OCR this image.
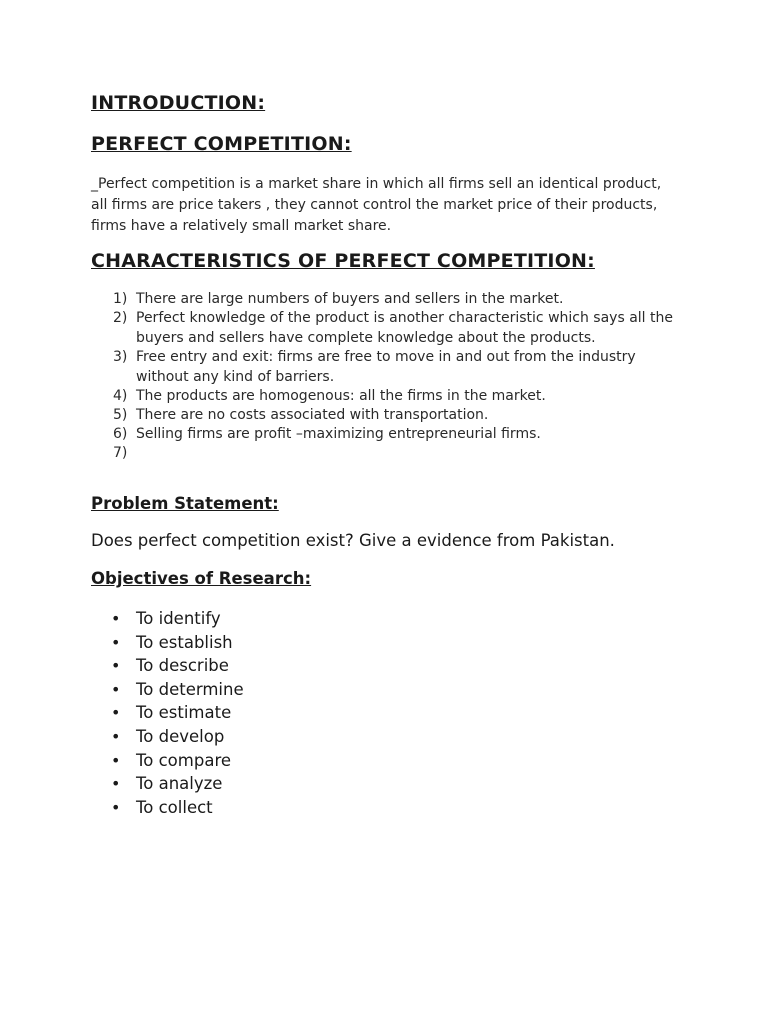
INTRODUCTION:
PERFECT COMPETITION:

_Perfect competition is a market share in which all firms sell an identical product, all firms are price takers , they cannot control the market price of their products, firms have a relatively small market share.

CHARACTERISTICS OF PERFECT COMPETITION:
1) There are large numbers of buyers and sellers in the market.
2) Perfect knowledge of the product is another characteristic which says all the buyers and sellers have complete knowledge about the products.
3) Free entry and exit: firms are free to move in and out from the industry without any kind of barriers.
4) The products are homogenous: all the firms in the market.
5) There are no costs associated with transportation.
6) Selling firms are profit –maximizing entrepreneurial firms.
7)

Problem Statement:

Does perfect competition exist? Give a evidence from Pakistan.

Objectives of Research:
• To identify
• To establish
• To describe
• To determine
• To estimate
• To develop
• To compare
• To analyze
• To collect
